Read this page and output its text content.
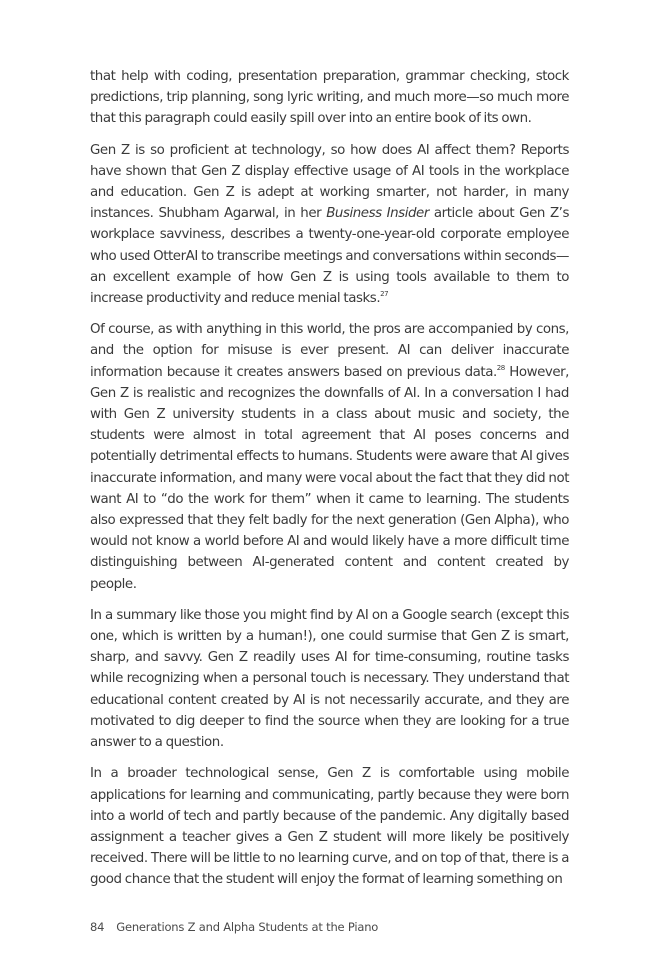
that help with coding, presentation preparation, grammar checking, stock predictions, trip planning, song lyric writing, and much more—so much more that this paragraph could easily spill over into an entire book of its own.

Gen Z is so proficient at technology, so how does AI affect them? Reports have shown that Gen Z display effective usage of AI tools in the workplace and education. Gen Z is adept at working smarter, not harder, in many instances. Shubham Agarwal, in her Business Insider article about Gen Z’s workplace savviness, describes a twenty-one-year-old corporate employee who used OtterAI to transcribe meetings and conversations within seconds—an excellent example of how Gen Z is using tools available to them to increase productivity and reduce menial tasks.$^{27}$

Of course, as with anything in this world, the pros are accompanied by cons, and the option for misuse is ever present. AI can deliver inaccurate information because it creates answers based on previous data.$^{28}$ However, Gen Z is realistic and recognizes the downfalls of AI. In a conversation I had with Gen Z university students in a class about music and society, the students were almost in total agreement that AI poses concerns and potentially detrimental effects to humans. Students were aware that AI gives inaccurate information, and many were vocal about the fact that they did not want AI to “do the work for them” when it came to learning. The students also expressed that they felt badly for the next generation (Gen Alpha), who would not know a world before AI and would likely have a more difficult time distinguishing between AI-generated content and content created by people.

In a summary like those you might find by AI on a Google search (except this one, which is written by a human!), one could surmise that Gen Z is smart, sharp, and savvy. Gen Z readily uses AI for time-consuming, routine tasks while recognizing when a personal touch is necessary. They understand that educational content created by AI is not necessarily accurate, and they are motivated to dig deeper to find the source when they are looking for a true answer to a question.

In a broader technological sense, Gen Z is comfortable using mobile applications for learning and communicating, partly because they were born into a world of tech and partly because of the pandemic. Any digitally based assignment a teacher gives a Gen Z student will more likely be positively received. There will be little to no learning curve, and on top of that, there is a good chance that the student will enjoy the format of learning something on

84 Generations Z and Alpha Students at the Piano
